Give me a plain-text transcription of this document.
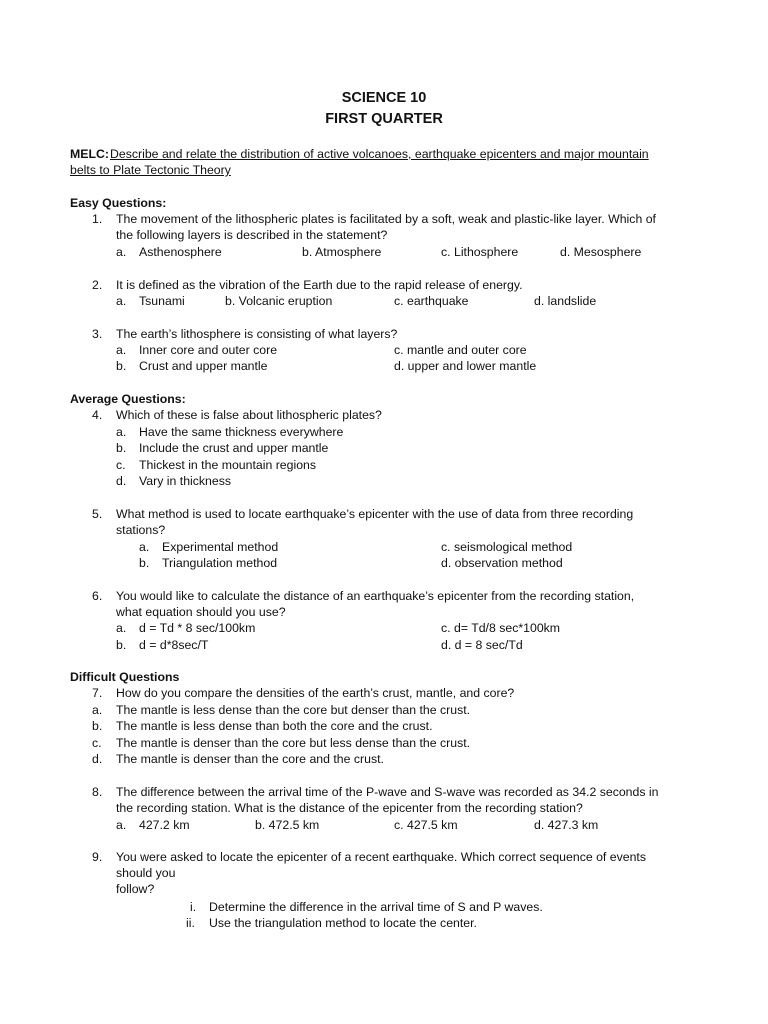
SCIENCE 10
FIRST QUARTER
MELC: Describe and relate the distribution of active volcanoes, earthquake epicenters and major mountain
belts to Plate Tectonic Theory
Easy Questions:
1. The movement of the lithospheric plates is facilitated by a soft, weak and plastic-like layer. Which of
the following layers is described in the statement?
a. Asthenosphere	b. Atmosphere	c. Lithosphere	d. Mesosphere
2. It is defined as the vibration of the Earth due to the rapid release of energy.
a. Tsunami	b. Volcanic eruption	c. earthquake	d. landslide
3. The earth’s lithosphere is consisting of what layers?
a. Inner core and outer core	c. mantle and outer core
b. Crust and upper mantle	d. upper and lower mantle
Average Questions:
4. Which of these is false about lithospheric plates?
a. Have the same thickness everywhere
b. Include the crust and upper mantle
c. Thickest in the mountain regions
d. Vary in thickness
5. What method is used to locate earthquake’s epicenter with the use of data from three recording
stations?
a. Experimental method	c. seismological method
b. Triangulation method	d. observation method
6. You would like to calculate the distance of an earthquake’s epicenter from the recording station,
what equation should you use?
a. d = Td * 8 sec/100km	c. d= Td/8 sec*100km
b. d = d*8sec/T	d. d = 8 sec/Td
Difficult Questions
7. How do you compare the densities of the earth’s crust, mantle, and core?
a. The mantle is less dense than the core but denser than the crust.
b. The mantle is less dense than both the core and the crust.
c. The mantle is denser than the core but less dense than the crust.
d. The mantle is denser than the core and the crust.
8. The difference between the arrival time of the P-wave and S-wave was recorded as 34.2 seconds in
the recording station. What is the distance of the epicenter from the recording station?
a. 427.2 km	b. 472.5 km	c. 427.5 km	d. 427.3 km
9. You were asked to locate the epicenter of a recent earthquake. Which correct sequence of events
should you
follow?
i. Determine the difference in the arrival time of S and P waves.
ii. Use the triangulation method to locate the center.
